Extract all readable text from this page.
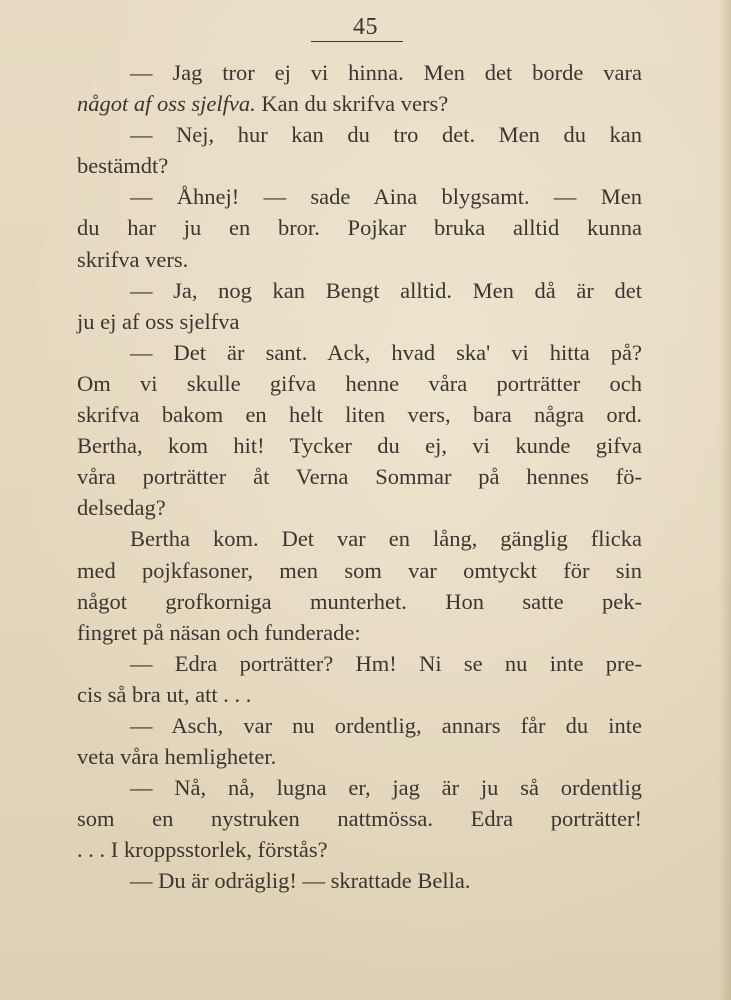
45
— Jag tror ej vi hinna. Men det borde vara
något af oss sjelfva. Kan du skrifva vers?
— Nej, hur kan du tro det. Men du kan
bestämdt?
— Åhnej! — sade Aina blygsamt. — Men
du har ju en bror. Pojkar bruka alltid kunna
skrifva vers.
— Ja, nog kan Bengt alltid. Men då är det
ju ej af oss sjelfva
— Det är sant. Ack, hvad ska' vi hitta på?
Om vi skulle gifva henne våra porträtter och
skrifva bakom en helt liten vers, bara några ord.
Bertha, kom hit! Tycker du ej, vi kunde gifva
våra porträtter åt Verna Sommar på hennes fö-
delsedag?
Bertha kom. Det var en lång, gänglig flicka
med pojkfasoner, men som var omtyckt för sin
något grofkorniga munterhet. Hon satte pek-
fingret på näsan och funderade:
— Edra porträtter? Hm! Ni se nu inte pre-
cis så bra ut, att . . .
— Asch, var nu ordentlig, annars får du inte
veta våra hemligheter.
— Nå, nå, lugna er, jag är ju så ordentlig
som en nystruken nattmössa. Edra porträtter!
. . . I kroppsstorlek, förstås?
— Du är odräglig! — skrattade Bella.
